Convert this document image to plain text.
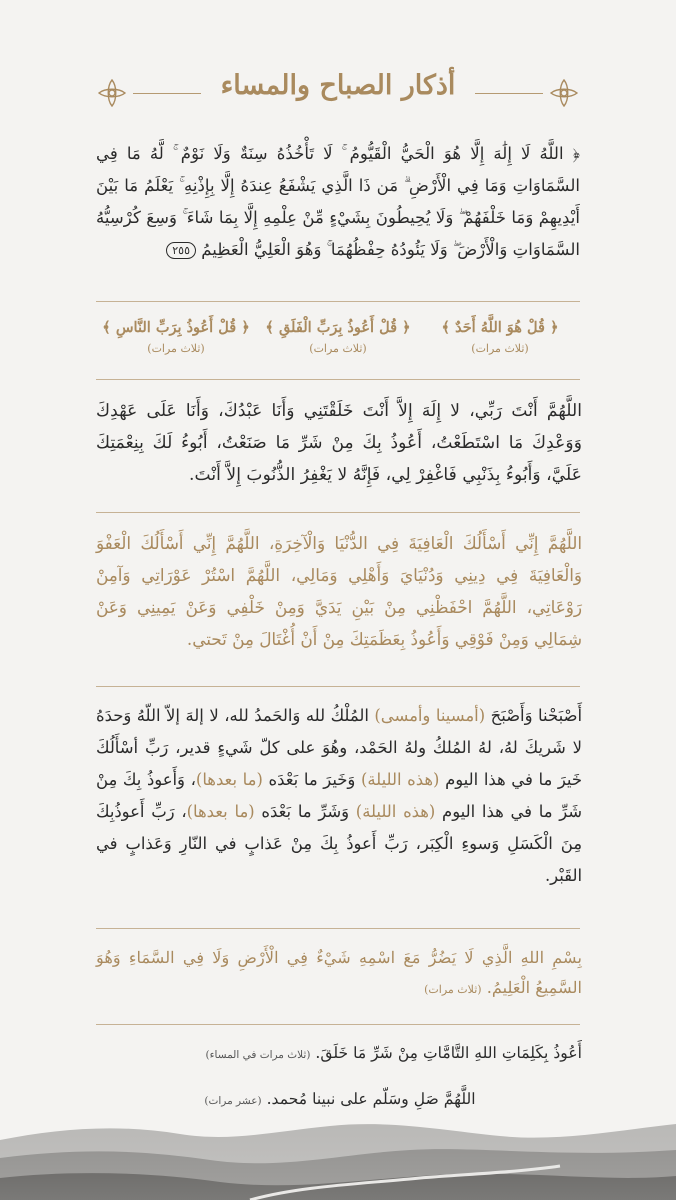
أذكار الصباح والمساء
﴿ اللَّهُ لَا إِلَٰهَ إِلَّا هُوَ الْحَيُّ الْقَيُّومُ ۚ لَا تَأْخُذُهُ سِنَةٌ وَلَا نَوْمٌ ۚ لَّهُ مَا فِي السَّمَاوَاتِ وَمَا فِي الْأَرْضِ ۗ مَن ذَا الَّذِي يَشْفَعُ عِندَهُ إِلَّا بِإِذْنِهِ ۚ يَعْلَمُ مَا بَيْنَ أَيْدِيهِمْ وَمَا خَلْفَهُمْ ۖ وَلَا يُحِيطُونَ بِشَيْءٍ مِّنْ عِلْمِهِ إِلَّا بِمَا شَاءَ ۚ وَسِعَ كُرْسِيُّهُ السَّمَاوَاتِ وَالْأَرْضَ ۖ وَلَا يَئُودُهُ حِفْظُهُمَا ۚ وَهُوَ الْعَلِيُّ الْعَظِيمُ ٢٥٥
﴿ قُلْ هُوَ اللَّهُ أَحَدٌ ﴾
(ثلاث مرات)
﴿ قُلْ أَعُوذُ بِرَبِّ الْفَلَقِ ﴾
(ثلاث مرات)
﴿ قُلْ أَعُوذُ بِرَبِّ النَّاسِ ﴾
(ثلاث مرات)
اللَّهُمَّ أَنْتَ رَبِّي، لا إِلَهَ إِلاَّ أَنْتَ خَلَقْتَنِي وَأَنَا عَبْدُكَ، وَأَنَا عَلَى عَهْدِكَ وَوَعْدِكَ مَا اسْتَطَعْتُ، أَعُوذُ بِكَ مِنْ شَرِّ مَا صَنَعْتُ، أَبُوءُ لَكَ بِنِعْمَتِكَ عَلَيَّ، وَأَبُوءُ بِذَنْبِي فَاغْفِرْ لِي، فَإِنَّهُ لا يَغْفِرُ الذُّنُوبَ إِلاَّ أَنْتَ.
اللَّهُمَّ إِنِّي أَسْأَلُكَ الْعَافِيَةَ فِي الدُّنْيَا وَالْآخِرَةِ، اللَّهُمَّ إِنِّي أَسْأَلُكَ الْعَفْوَ وَالْعَافِيَةَ فِي دِينِي وَدُنْيَايَ وَأَهْلِي وَمَالِي، اللَّهُمَّ اسْتُرْ عَوْرَاتِي وَآمِنْ رَوْعَاتِي، اللَّهُمَّ احْفَظْنِي مِنْ بَيْنِ يَدَيَّ وَمِنْ خَلْفِي وَعَنْ يَمِينِي وَعَنْ شِمَالِي وَمِنْ فَوْقِي وَأَعُوذُ بِعَظَمَتِكَ مِنْ أَنْ أُغْتَالَ مِنْ تَحتي.
أَصْبَحْنا وَأَصْبَحَ (أمسينا وأمسى) المُلْكُ لله وَالحَمدُ لله، لا إلهَ إلاّ اللّهُ وَحدَهُ لا شَريكَ لهُ، لهُ المُلكُ ولهُ الحَمْد، وهُوَ على كلّ شَيءٍ قدير، رَبِّ أسْأَلُكَ خَيرَ ما في هذا اليوم (هذه الليلة) وَخَيرَ ما بَعْدَه (ما بعدها)، وَأَعوذُ بِكَ مِنْ شَرِّ ما في هذا اليوم (هذه الليلة) وَشَرِّ ما بَعْدَه (ما بعدها)، رَبِّ أَعوذُبِكَ مِنَ الْكَسَلِ وَسوءِ الْكِبَر، رَبِّ أَعوذُ بِكَ مِنْ عَذابٍ في النّارِ وَعَذابٍ في القَبْر.
بِسْمِ اللهِ الَّذِي لَا يَضُرُّ مَعَ اسْمِهِ شَيْءٌ فِي الْأَرْضِ وَلَا فِي السَّمَاءِ وَهُوَ السَّمِيعُ الْعَلِيمُ. (ثلاث مرات)
أَعُوذُ بِكَلِمَاتِ اللهِ التَّامَّاتِ مِنْ شَرِّ مَا خَلَقَ. (ثلاث مرات في المساء)
اللَّهُمَّ صَلِ وسَلّم على نبينا مُحمد. (عشر مرات)
